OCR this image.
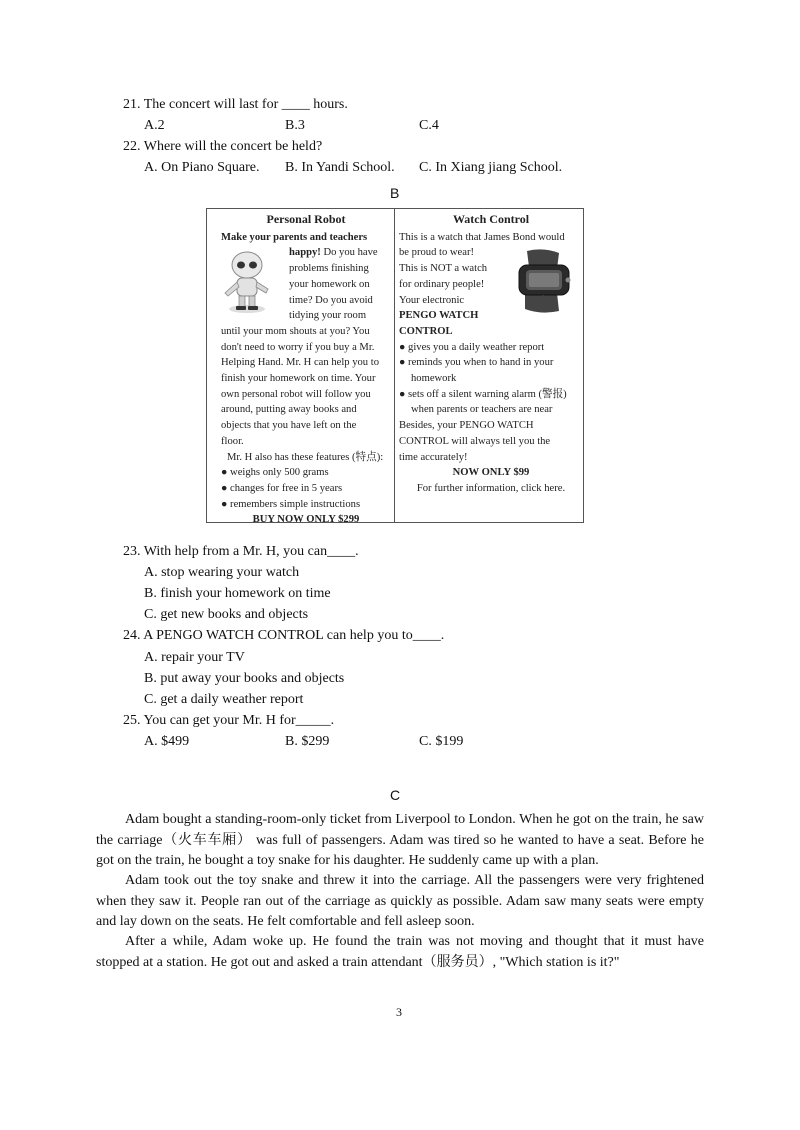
21. The concert will last for ____ hours.
A.2	B.3	C.4
22. Where will the concert be held?
A. On Piano Square. B. In Yandi School. C. In Xiang jiang School.
B
Personal Robot
Make your parents and teachers
happy! Do you have
problems finishing
your homework on
time? Do you avoid
tidying your room
until your mom shouts at you? You
don't need to worry if you buy a Mr.
Helping Hand. Mr. H can help you to
finish your homework on time. Your
own personal robot will follow you
around, putting away books and
objects that you have left on the
floor.
Mr. H also has these features (特点):
● weighs only 500 grams
● changes for free in 5 years
● remembers simple instructions
BUY NOW ONLY $299
Watch Control
This is a watch that James Bond would
be proud to wear!
This is NOT a watch
for ordinary people!
Your electronic
PENGO WATCH
CONTROL
● gives you a daily weather report
● reminds you when to hand in your homework
● sets off a silent warning alarm (警报) when parents or teachers are near
Besides, your PENGO WATCH
CONTROL will always tell you the
time accurately!
NOW ONLY $99
For further information, click here.
23. With help from a Mr. H, you can____.
A. stop wearing your watch
B. finish your homework on time
C. get new books and objects
24. A PENGO WATCH CONTROL can help you to____.
A. repair your TV
B. put away your books and objects
C. get a daily weather report
25. You can get your Mr. H for_____.
A. $499	B. $299	C. $199
C
Adam bought a standing-room-only ticket from Liverpool to London. When he got on the train, he saw the carriage（火车车厢） was full of passengers. Adam was tired so he wanted to have a seat. Before he got on the train, he bought a toy snake for his daughter. He suddenly came up with a plan.
Adam took out the toy snake and threw it into the carriage. All the passengers were very frightened when they saw it. People ran out of the carriage as quickly as possible. Adam saw many seats were empty and lay down on the seats. He felt comfortable and fell asleep soon.
After a while, Adam woke up. He found the train was not moving and thought that it must have stopped at a station. He got out and asked a train attendant（服务员）, "Which station is it?"
3
